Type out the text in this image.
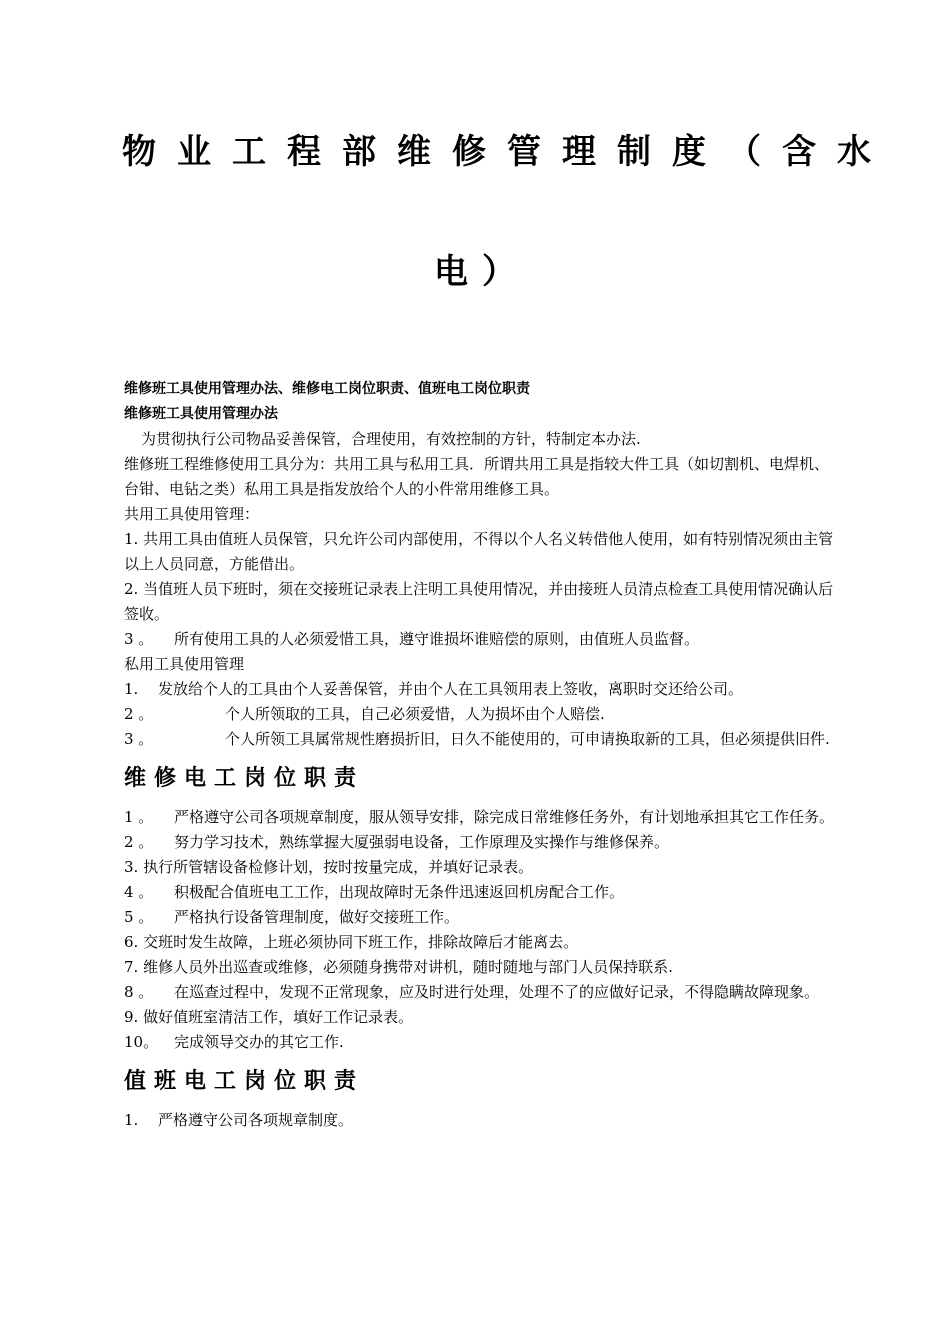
物业工程部维修管理制度（含水
电）

维修班工具使用管理办法、维修电工岗位职责、值班电工岗位职责

维修班工具使用管理办法

为贯彻执行公司物品妥善保管，合理使用，有效控制的方针，特制定本办法.

维修班工程维修使用工具分为：共用工具与私用工具．所谓共用工具是指较大件工具（如切割机、电焊机、台钳、电钻之类）私用工具是指发放给个人的小件常用维修工具。

共用工具使用管理：

1. 共用工具由值班人员保管，只允许公司内部使用，不得以个人名义转借他人使用，如有特别情况须由主管以上人员同意，方能借出。

2. 当值班人员下班时，须在交接班记录表上注明工具使用情况，并由接班人员清点检查工具使用情况确认后签收。

3 。 所有使用工具的人必须爱惜工具，遵守谁损坏谁赔偿的原则，由值班人员监督。

私用工具使用管理

1. 发放给个人的工具由个人妥善保管，并由个人在工具领用表上签收，离职时交还给公司。

2 。	个人所领取的工具，自己必须爱惜，人为损坏由个人赔偿.

3 。	个人所领工具属常规性磨损折旧，日久不能使用的，可申请换取新的工具，但必须提供旧件.

维修电工岗位职责

1 。 严格遵守公司各项规章制度，服从领导安排，除完成日常维修任务外，有计划地承担其它工作任务。

2 。 努力学习技术，熟练掌握大厦强弱电设备，工作原理及实操作与维修保养。

3. 执行所管辖设备检修计划，按时按量完成，并填好记录表。

4 。 积极配合值班电工工作，出现故障时无条件迅速返回机房配合工作。

5 。 严格执行设备管理制度，做好交接班工作。

6. 交班时发生故障，上班必须协同下班工作，排除故障后才能离去。

7. 维修人员外出巡查或维修，必须随身携带对讲机，随时随地与部门人员保持联系.

8 。 在巡查过程中，发现不正常现象，应及时进行处理，处理不了的应做好记录，不得隐瞒故障现象。

9. 做好值班室清洁工作，填好工作记录表。

10。 完成领导交办的其它工作.

值班电工岗位职责

1. 严格遵守公司各项规章制度。
